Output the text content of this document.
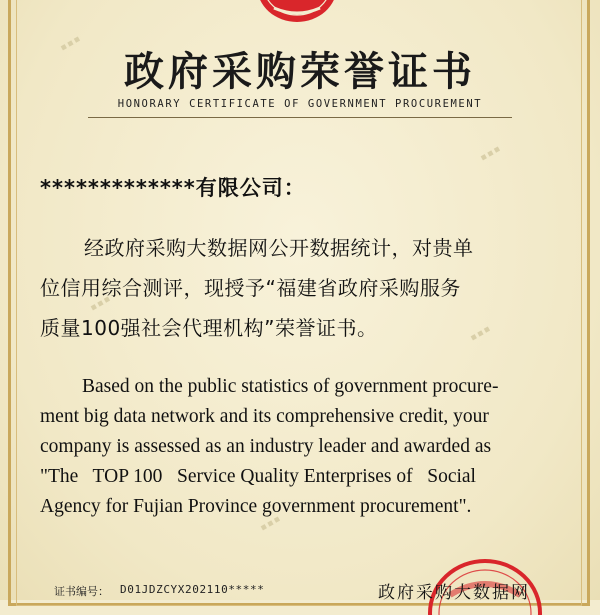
■ ■ ■
■ ■ ■
■ ■ ■
■ ■ ■
■ ■ ■
政府采购荣誉证书
HONORARY CERTIFICATE OF GOVERNMENT PROCUREMENT
*************有限公司：
经政府采购大数据网公开数据统计，对贵单
位信用综合测评，现授予“福建省政府采购服务
质量100强社会代理机构”荣誉证书。
Based on the public statistics of government procure-
ment big data network and its comprehensive credit, your
company is assessed as an industry leader and awarded as
"The   TOP 100   Service Quality Enterprises of   Social
Agency for Fujian Province government procurement".
证书编号： D01JDZCYX202110*****	政府采购大数据网
